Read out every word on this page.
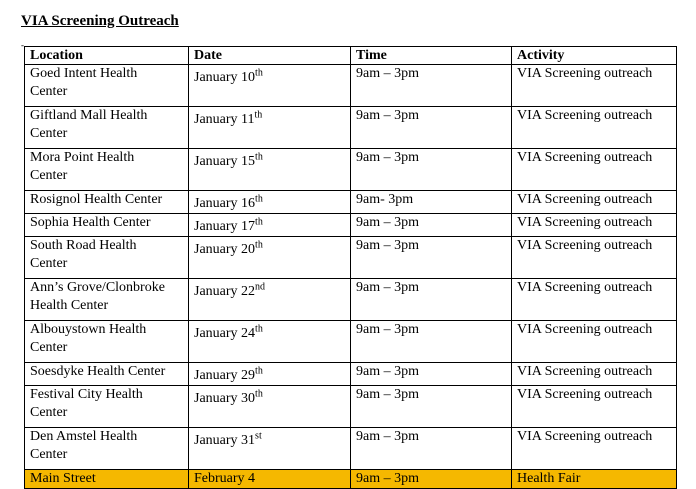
VIA Screening Outreach
-
Location	Date	Time	Activity

Goed Intent Health
Center	January 10th	9am – 3pm	VIA Screening outreach

Giftland Mall Health
Center	January 11th	9am – 3pm	VIA Screening outreach

Mora Point Health
Center	January 15th	9am – 3pm	VIA Screening outreach

Rosignol Health Center	January 16th	9am- 3pm	VIA Screening outreach

Sophia Health Center	January 17th	9am – 3pm	VIA Screening outreach

South Road Health
Center	January 20th	9am – 3pm	VIA Screening outreach

Ann’s Grove/Clonbroke
Health Center	January 22nd	9am – 3pm	VIA Screening outreach

Albouystown Health
Center	January 24th	9am – 3pm	VIA Screening outreach

Soesdyke Health Center	January 29th	9am – 3pm	VIA Screening outreach

Festival City Health
Center	January 30th	9am – 3pm	VIA Screening outreach

Den Amstel Health
Center	January 31st	9am – 3pm	VIA Screening outreach

Main Street	February 4	9am – 3pm	Health Fair
